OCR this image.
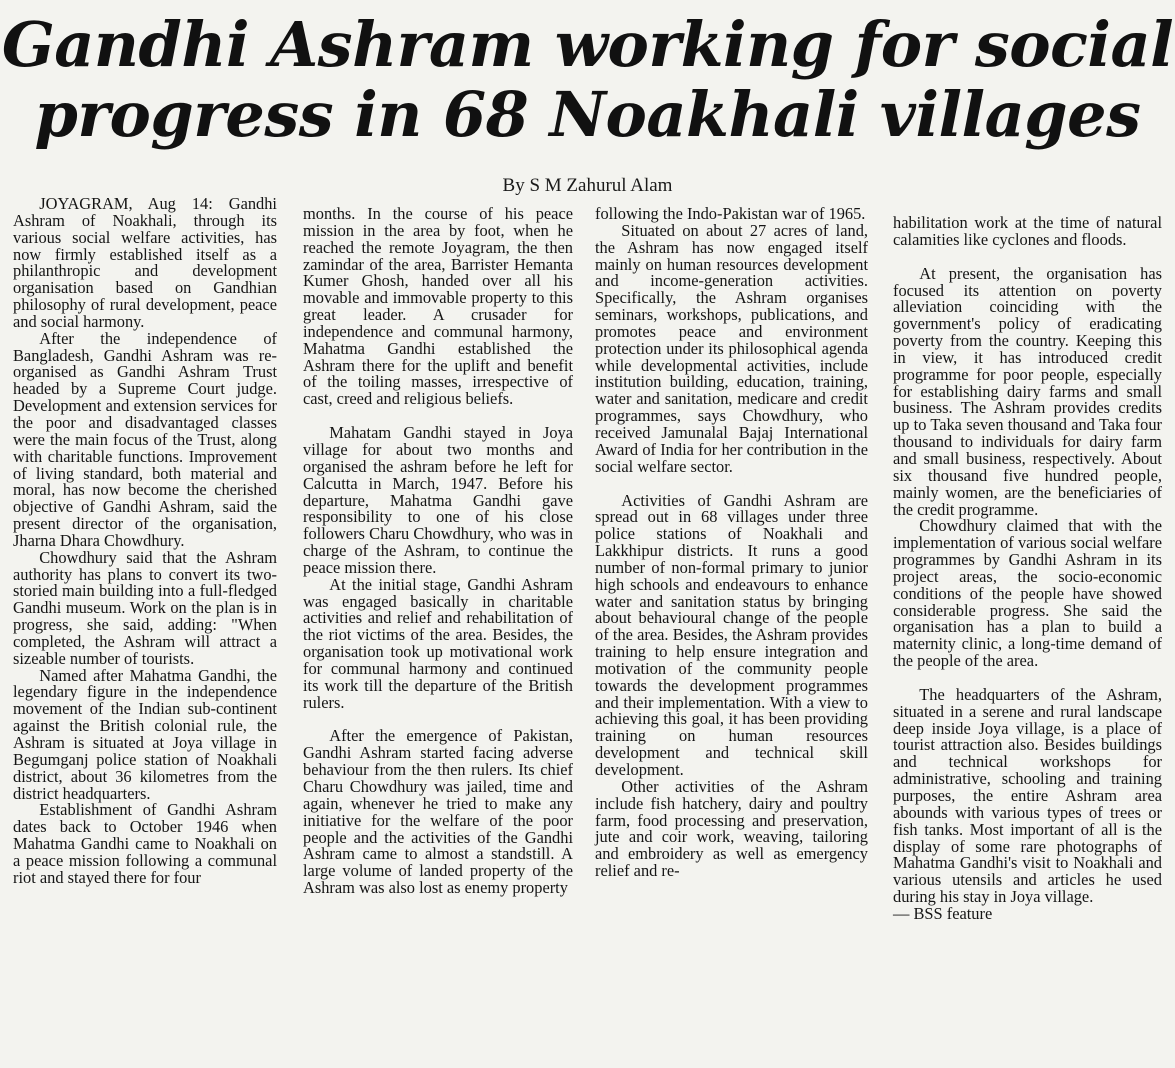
Gandhi Ashram working for social
progress in 68 Noakhali villages
By S M Zahurul Alam

JOYAGRAM, Aug 14: Gandhi Ashram of Noakhali, through its various social welfare activities, has now firmly established itself as a philanthropic and development organisation based on Gandhian philosophy of rural development, peace and social harmony.

After the independence of Bangladesh, Gandhi Ashram was re-organised as Gandhi Ashram Trust headed by a Supreme Court judge. Development and extension services for the poor and disadvantaged classes were the main focus of the Trust, along with charitable functions. Improvement of living standard, both material and moral, has now become the cherished objective of Gandhi Ashram, said the present director of the organisation, Jharna Dhara Chowdhury.

Chowdhury said that the Ashram authority has plans to convert its two-storied main building into a full-fledged Gandhi museum. Work on the plan is in progress, she said, adding: "When completed, the Ashram will attract a sizeable number of tourists.

Named after Mahatma Gandhi, the legendary figure in the independence movement of the Indian sub-continent against the British colonial rule, the Ashram is situated at Joya village in Begumganj police station of Noakhali district, about 36 kilometres from the district headquarters.

Establishment of Gandhi Ashram dates back to October 1946 when Mahatma Gandhi came to Noakhali on a peace mission following a communal riot and stayed there for four

months. In the course of his peace mission in the area by foot, when he reached the remote Joyagram, the then zamindar of the area, Barrister Hemanta Kumer Ghosh, handed over all his movable and immovable property to this great leader. A crusader for independence and communal harmony, Mahatma Gandhi established the Ashram there for the uplift and benefit of the toiling masses, irrespective of cast, creed and religious beliefs.

Mahatam Gandhi stayed in Joya village for about two months and organised the ashram before he left for Calcutta in March, 1947. Before his departure, Mahatma Gandhi gave responsibility to one of his close followers Charu Chowdhury, who was in charge of the Ashram, to continue the peace mission there.

At the initial stage, Gandhi Ashram was engaged basically in charitable activities and relief and rehabilitation of the riot victims of the area. Besides, the organisation took up motivational work for communal harmony and continued its work till the departure of the British rulers.

After the emergence of Pakistan, Gandhi Ashram started facing adverse behaviour from the then rulers. Its chief Charu Chowdhury was jailed, time and again, whenever he tried to make any initiative for the welfare of the poor people and the activities of the Gandhi Ashram came to almost a standstill. A large volume of landed property of the Ashram was also lost as enemy property

following the Indo-Pakistan war of 1965.

Situated on about 27 acres of land, the Ashram has now engaged itself mainly on human resources development and income-generation activities. Specifically, the Ashram organises seminars, workshops, publications, and promotes peace and environment protection under its philosophical agenda while developmental activities, include institution building, education, training, water and sanitation, medicare and credit programmes, says Chowdhury, who received Jamunalal Bajaj International Award of India for her contribution in the social welfare sector.

Activities of Gandhi Ashram are spread out in 68 villages under three police stations of Noakhali and Lakkhipur districts. It runs a good number of non-formal primary to junior high schools and endeavours to enhance water and sanitation status by bringing about behavioural change of the people of the area. Besides, the Ashram provides training to help ensure integration and motivation of the community people towards the development programmes and their implementation. With a view to achieving this goal, it has been providing training on human resources development and technical skill development.

Other activities of the Ashram include fish hatchery, dairy and poultry farm, food processing and preservation, jute and coir work, weaving, tailoring and embroidery as well as emergency relief and re-

habilitation work at the time of natural calamities like cyclones and floods.

At present, the organisation has focused its attention on poverty alleviation coinciding with the government's policy of eradicating poverty from the country. Keeping this in view, it has introduced credit programme for poor people, especially for establishing dairy farms and small business. The Ashram provides credits up to Taka seven thousand and Taka four thousand to individuals for dairy farm and small business, respectively. About six thousand five hundred people, mainly women, are the beneficiaries of the credit programme.

Chowdhury claimed that with the implementation of various social welfare programmes by Gandhi Ashram in its project areas, the socio-economic conditions of the people have showed considerable progress. She said the organisation has a plan to build a maternity clinic, a long-time demand of the people of the area.

The headquarters of the Ashram, situated in a serene and rural landscape deep inside Joya village, is a place of tourist attraction also. Besides buildings and technical workshops for administrative, schooling and training purposes, the entire Ashram area abounds with various types of trees or fish tanks. Most important of all is the display of some rare photographs of Mahatma Gandhi's visit to Noakhali and various utensils and articles he used during his stay in Joya village.

— BSS feature
